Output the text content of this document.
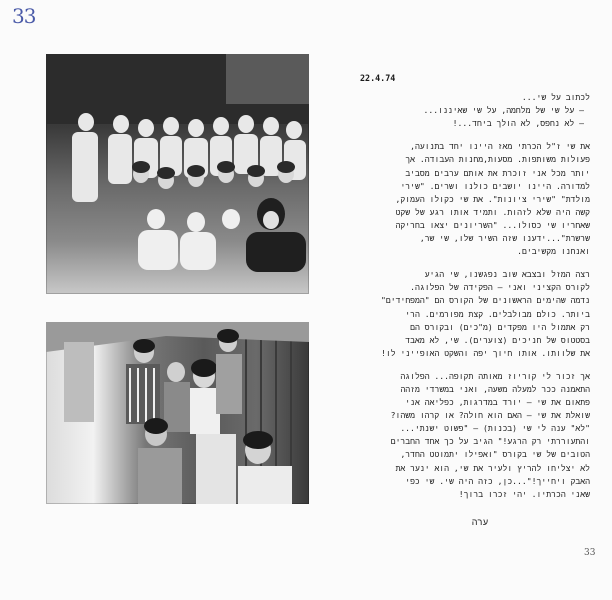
33
22.4.74
לכתוב על שי...
– על שי של מלחמה, על שי שאיננו...
– לא נחפס, לא הולך ביחד...!
את שי ז"ל הכרתי מאז היינו יחד בתנועה,
פעולות משותפות. מסעות,מחנות העבודה. אך
יותר מכל אני זוכרת את אותם ערבים מסביב
למדורה. היינו יושבים כולנו ושרים. "שירי
מולדת" "שירי ציונות". את שי כקולו העמוק,
קשה היה שלא לזהות. ותמיד אותו רגע של שקט
שאחריו שי כסולו... "השריונים יצאו בחריקה
שרשרת"...ידענו שזה השיר שלו, שי שר,
ואנחנו מקשיבים.
רצה המזל ובצבא שוב נפגשנו, שי הגיע
לקורס הקציני ואני – הפקידה של הפלוגה.
נדמה שהימים הראשונים של הקורס הם "המפחידים"
ביותר. כולם מבולבלים. קצת מפורמים. הרי
רק אתמול היו מפקדים (מ"כים) ובקורס הם
בסטטוס של חניכים (צוערים). שי, לא מאבד
את שלוותו. אותו חיוך יפה והשקט האופייני לו!
אך זכור לי קוריוז מאותה תקופה... הפלוגה
התאמנה ככר למעלה משעה, ואני במשרדי מזהה
פתאום את שי – יורד במדרגות, כפליאה אני
שואלת את שי – האם הוא חולה? או קרהו משהו?
"לא" ענה לי שי (בכנות) – "פשוט ישנתי...
והתעוררתי רק הרגע!" הגיב על כך אחד החברים
הטובים של שי בקורס "ואפילו יתמוטט החדר,
לא יצליחו להריץ ולעיר את שי, הוא ינער את
האבק ויחייך!"...כן, כזה היה שי. שי כפי
שאני הכרתיו. יהי זכרו ברוך!
ערה
33
